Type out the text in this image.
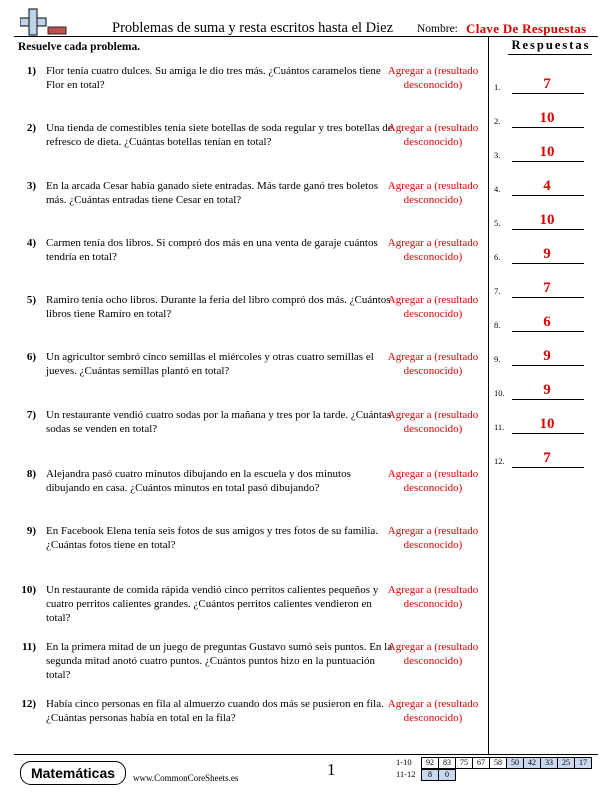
Problemas de suma y resta escritos hasta el Diez Nombre: Clave De Respuestas
Resuelve cada problema.	Respuestas
1) Flor tenía cuatro dulces. Su amiga le dio tres más. ¿Cuántos caramelos tiene Flor en total?
Agregar a (resultado desconocido)
2) Una tienda de comestibles tenía siete botellas de soda regular y tres botellas de refresco de dieta. ¿Cuántas botellas tenían en total?
Agregar a (resultado desconocido)
3) En la arcada Cesar había ganado siete entradas. Más tarde ganó tres boletos más. ¿Cuántas entradas tiene Cesar en total?
Agregar a (resultado desconocido)
4) Carmen tenía dos libros. Si compró dos más en una venta de garaje cuántos tendría en total?
Agregar a (resultado desconocido)
5) Ramiro tenía ocho libros. Durante la feria del libro compró dos más. ¿Cuántos libros tiene Ramiro en total?
Agregar a (resultado desconocido)
6) Un agricultor sembró cinco semillas el miércoles y otras cuatro semillas el jueves. ¿Cuántas semillas plantó en total?
Agregar a (resultado desconocido)
7) Un restaurante vendió cuatro sodas por la mañana y tres por la tarde. ¿Cuántas sodas se venden en total?
Agregar a (resultado desconocido)
8) Alejandra pasó cuatro minutos dibujando en la escuela y dos minutos dibujando en casa. ¿Cuántos minutos en total pasó dibujando?
Agregar a (resultado desconocido)
9) En Facebook Elena tenía seis fotos de sus amigos y tres fotos de su familia. ¿Cuántas fotos tiene en total?
Agregar a (resultado desconocido)
10) Un restaurante de comida rápida vendió cinco perritos calientes pequeños y cuatro perritos calientes grandes. ¿Cuántos perritos calientes vendieron en total?
Agregar a (resultado desconocido)
11) En la primera mitad de un juego de preguntas Gustavo sumó seis puntos. En la segunda mitad anotó cuatro puntos. ¿Cuántos puntos hizo en la puntuación total?
Agregar a (resultado desconocido)
12) Había cinco personas en fila al almuerzo cuando dos más se pusieron en fila. ¿Cuántas personas había en total en la fila?
Agregar a (resultado desconocido)
1.	7
2.	10
3.	10
4.	4
5.	10
6.	9
7.	7
8.	6
9.	9
10.	9
11.	10
12.	7
Matemáticas	www.CommonCoreSheets.es	1	1-10	92	83	75	67	58	50	42	33	25	17
11-12	8	0
